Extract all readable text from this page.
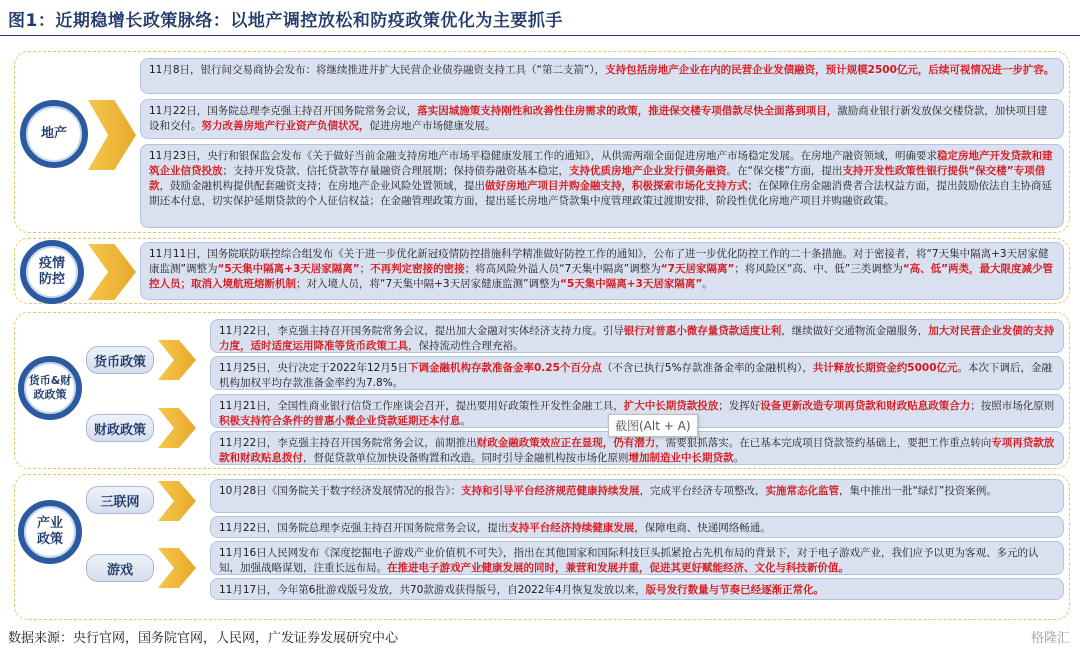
图1：近期稳增长政策脉络：以地产调控放松和防疫政策优化为主要抓手
地产
11月8日，银行间交易商协会发布：将继续推进并扩大民营企业债券融资支持工具（“第二支箭”），支持包括房地产企业在内的民营企业发债融资，预计规模2500亿元，后续可视情况进一步扩容。
11月22日，国务院总理李克强主持召开国务院常务会议，落实因城施策支持刚性和改善性住房需求的政策，推进保交楼专项借款尽快全面落到项目，激励商业银行新发放保交楼贷款，加快项目建设和交付。努力改善房地产行业资产负债状况，促进房地产市场健康发展。
11月23日，央行和银保监会发布《关于做好当前金融支持房地产市场平稳健康发展工作的通知》，从供需两端全面促进房地产市场稳定发展。在房地产融资领域，明确要求稳定房地产开发贷款和建筑企业信贷投放；支持开发贷款、信托贷款等存量融资合理展期；保持债券融资基本稳定，支持优质房地产企业发行债务融资。在“保交楼”方面，提出支持开发性政策性银行提供“保交楼”专项借款，鼓励金融机构提供配套融资支持；在房地产企业风险处置领域，提出做好房地产项目并购金融支持，积极探索市场化支持方式；在保障住房金融消费者合法权益方面，提出鼓励依法自主协商延期还本付息，切实保护延期贷款的个人征信权益；在金融管理政策方面，提出延长房地产贷款集中度管理政策过渡期安排，阶段性优化房地产项目并购融资政策。
疫情
防控
11月11日，国务院联防联控综合组发布《关于进一步优化新冠疫情防控措施科学精准做好防控工作的通知》，公布了进一步优化防控工作的二十条措施。对于密接者，将“7天集中隔离+3天居家健康监测”调整为“5天集中隔离+3天居家隔离”；不再判定密接的密接；将高风险外溢人员“7天集中隔离”调整为“7天居家隔离”；将风险区“高、中、低”三类调整为“高、低”两类，最大限度减少管控人员；取消入境航班熔断机制；对入境人员，将“7天集中隔+3天居家健康监测”调整为“5天集中隔离+3天居家隔离”。
货币&财
政政策
货币政策
财政政策
11月22日，李克强主持召开国务院常务会议，提出加大金融对实体经济支持力度。引导银行对普惠小微存量贷款适度让利，继续做好交通物流金融服务，加大对民营企业发债的支持力度，适时适度运用降准等货币政策工具，保持流动性合理充裕。
11月25日，央行决定于2022年12月5日下调金融机构存款准备金率0.25个百分点（不含已执行5%存款准备金率的金融机构），共计释放长期资金约5000亿元。本次下调后，金融机构加权平均存款准备金率约为7.8%。
11月21日，全国性商业银行信贷工作座谈会召开，提出要用好政策性开发性金融工具，扩大中长期贷款投放；发挥好设备更新改造专项再贷款和财政贴息政策合力；按照市场化原则积极支持符合条件的普惠小微企业贷款延期还本付息。
11月22日，李克强主持召开国务院常务会议，前期推出财政金融政策效应正在显现，仍有潜力，需要狠抓落实。在已基本完成项目贷款签约基础上，要把工作重点转向专项再贷款放款和财政贴息拨付，督促贷款单位加快设备购置和改造。同时引导金融机构按市场化原则增加制造业中长期贷款。
截图(Alt + A)
产业
政策
三联网
游戏
10月28日《国务院关于数字经济发展情况的报告》：支持和引导平台经济规范健康持续发展，完成平台经济专项整改，实施常态化监管，集中推出一批“绿灯”投资案例。
11月22日，国务院总理李克强主持召开国务院常务会议，提出支持平台经济持续健康发展，保障电商、快递网络畅通。
11月16日人民网发布《深度挖掘电子游戏产业价值机不可失》，指出在其他国家和国际科技巨头抓紧抢占先机布局的背景下，对于电子游戏产业，我们应予以更为客观、多元的认知，加强战略谋划，注重长远布局。在推进电子游戏产业健康发展的同时，兼营和发展并重，促进其更好赋能经济、文化与科技新价值。
11月17日，今年第6批游戏版号发放，共70款游戏获得版号，自2022年4月恢复发放以来，版号发行数量与节奏已经逐渐正常化。
数据来源：央行官网，国务院官网，人民网，广发证券发展研究中心	格隆汇
